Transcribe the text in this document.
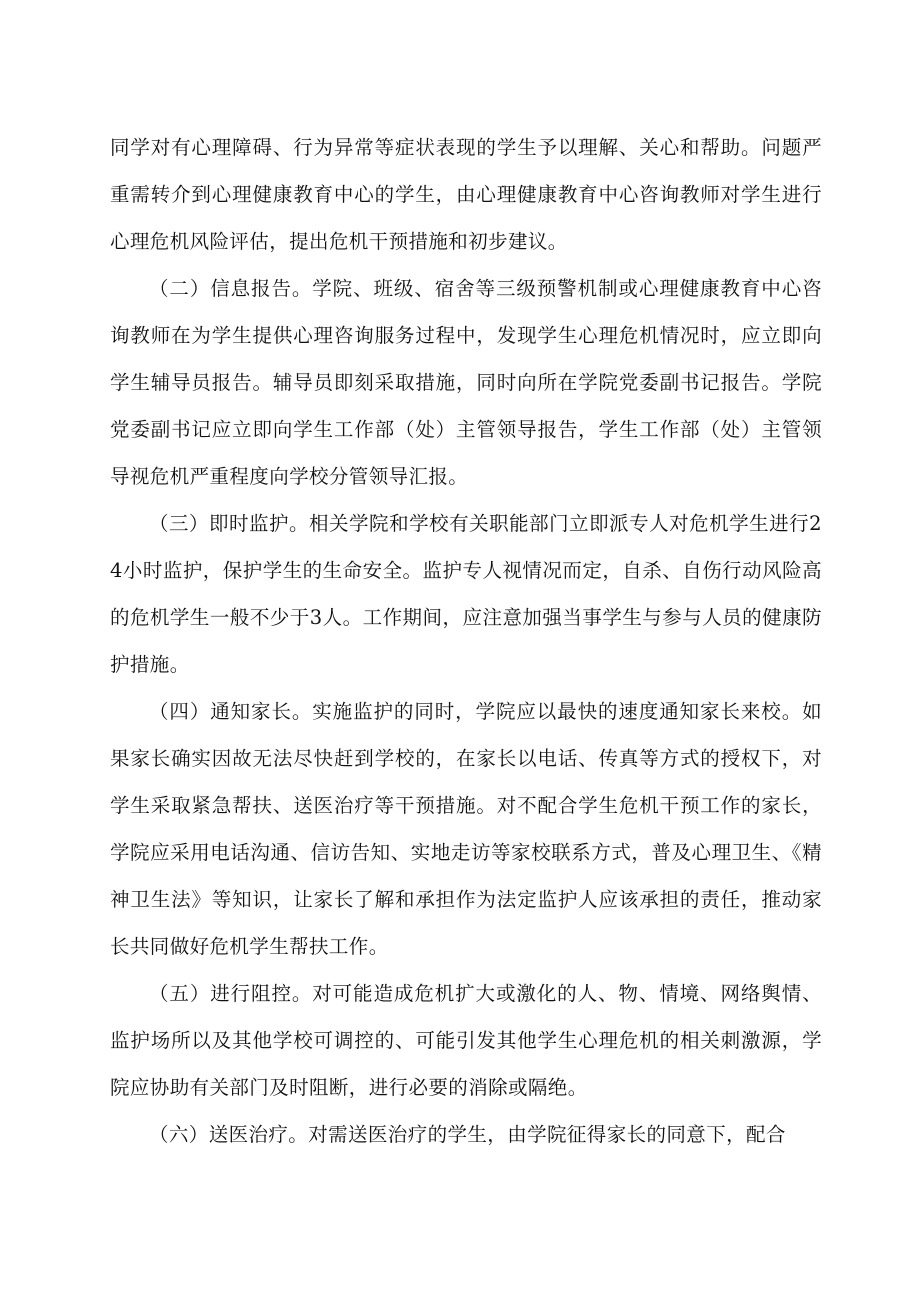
同学对有心理障碍、行为异常等症状表现的学生予以理解、关心和帮助。问题严重需转介到心理健康教育中心的学生，由心理健康教育中心咨询教师对学生进行心理危机风险评估，提出危机干预措施和初步建议。

（二）信息报告。学院、班级、宿舍等三级预警机制或心理健康教育中心咨询教师在为学生提供心理咨询服务过程中，发现学生心理危机情况时，应立即向学生辅导员报告。辅导员即刻采取措施，同时向所在学院党委副书记报告。学院党委副书记应立即向学生工作部（处）主管领导报告，学生工作部（处）主管领导视危机严重程度向学校分管领导汇报。

（三）即时监护。相关学院和学校有关职能部门立即派专人对危机学生进行24小时监护，保护学生的生命安全。监护专人视情况而定，自杀、自伤行动风险高的危机学生一般不少于3人。工作期间，应注意加强当事学生与参与人员的健康防护措施。

（四）通知家长。实施监护的同时，学院应以最快的速度通知家长来校。如果家长确实因故无法尽快赶到学校的，在家长以电话、传真等方式的授权下，对学生采取紧急帮扶、送医治疗等干预措施。对不配合学生危机干预工作的家长，学院应采用电话沟通、信访告知、实地走访等家校联系方式，普及心理卫生、《精神卫生法》等知识，让家长了解和承担作为法定监护人应该承担的责任，推动家长共同做好危机学生帮扶工作。

（五）进行阻控。对可能造成危机扩大或激化的人、物、情境、网络舆情、监护场所以及其他学校可调控的、可能引发其他学生心理危机的相关刺激源，学院应协助有关部门及时阻断，进行必要的消除或隔绝。

（六）送医治疗。对需送医治疗的学生，由学院征得家长的同意下，配合
